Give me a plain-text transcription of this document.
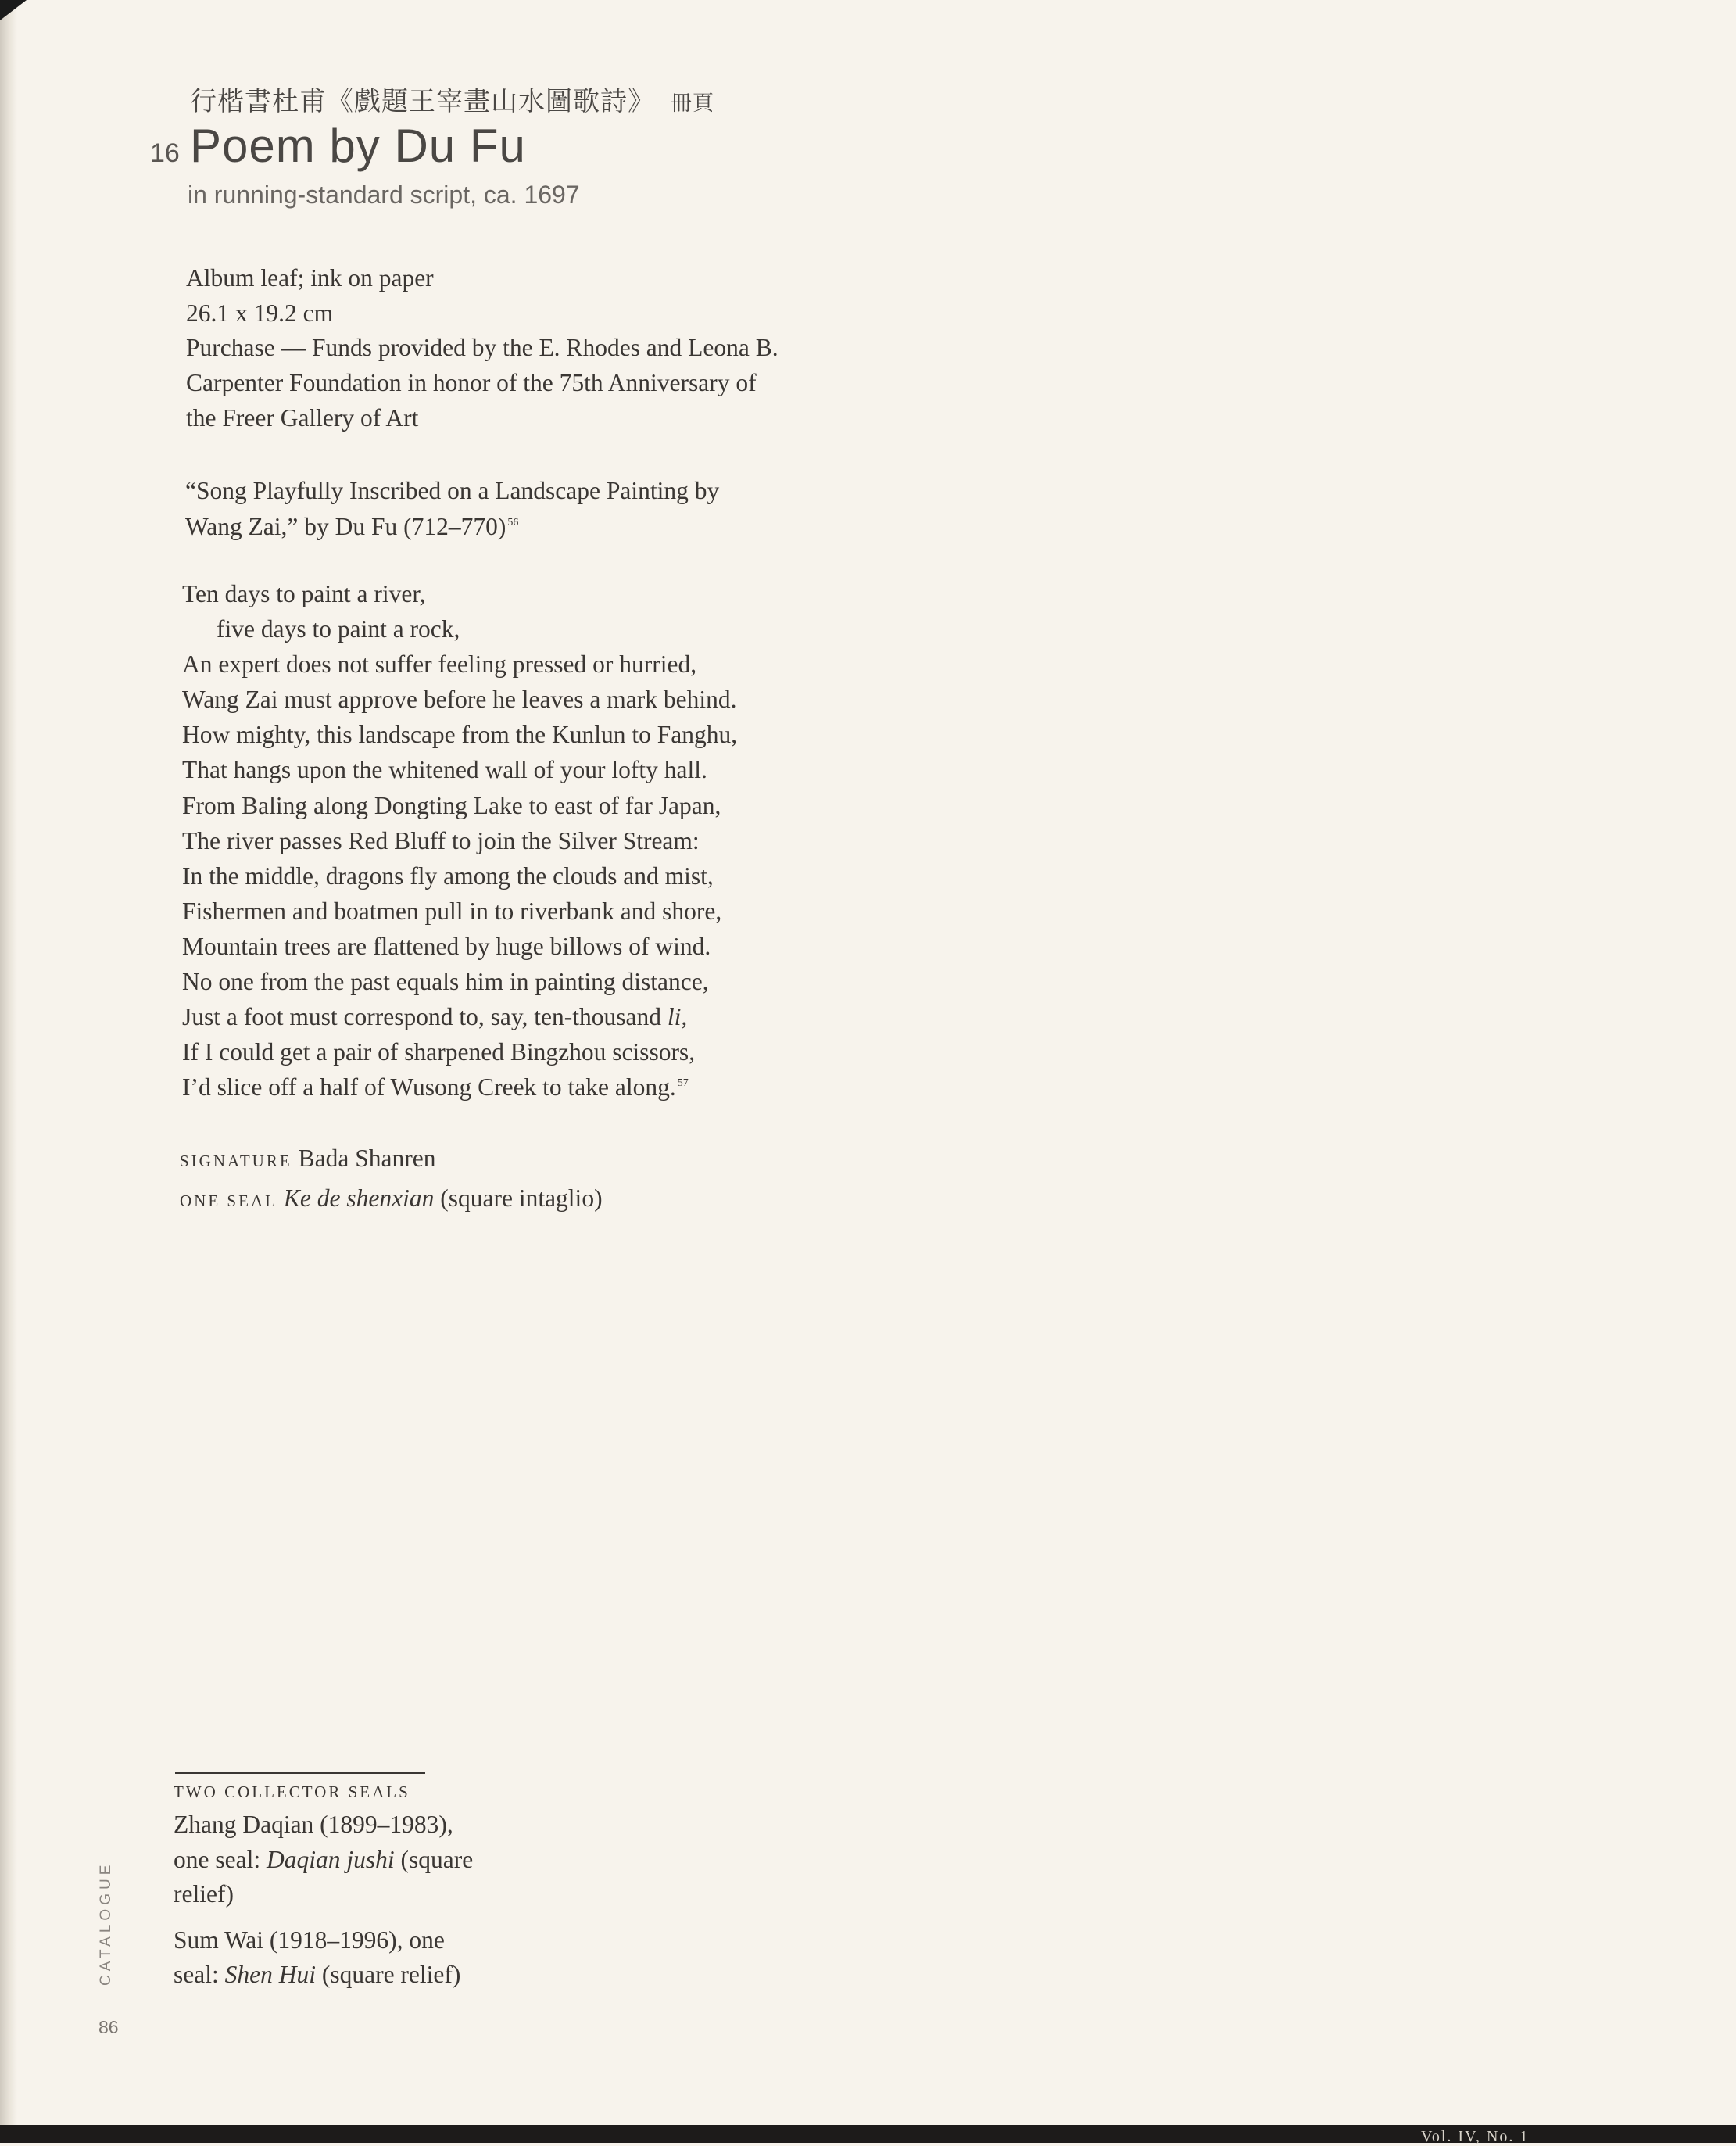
行楷書杜甫《戲題王宰畫山水圖歌詩》 冊頁
16 Poem by Du Fu
in running-standard script, ca. 1697
Album leaf; ink on paper
26.1 x 19.2 cm
Purchase — Funds provided by the E. Rhodes and Leona B.
Carpenter Foundation in honor of the 75th Anniversary of
the Freer Gallery of Art
“Song Playfully Inscribed on a Landscape Painting by
Wang Zai,” by Du Fu (712–770) $^{56}$
Ten days to paint a river,
five days to paint a rock,
An expert does not suffer feeling pressed or hurried,
Wang Zai must approve before he leaves a mark behind.
How mighty, this landscape from the Kunlun to Fanghu,
That hangs upon the whitened wall of your lofty hall.
From Baling along Dongting Lake to east of far Japan,
The river passes Red Bluff to join the Silver Stream:
In the middle, dragons fly among the clouds and mist,
Fishermen and boatmen pull in to riverbank and shore,
Mountain trees are flattened by huge billows of wind.
No one from the past equals him in painting distance,
Just a foot must correspond to, say, ten-thousand li,
If I could get a pair of sharpened Bingzhou scissors,
I’d slice off a half of Wusong Creek to take along. $^{57}$
SIGNATURE Bada Shanren
ONE SEAL Ke de shenxian (square intaglio)
TWO COLLECTOR SEALS
Zhang Daqian (1899–1983),
one seal: Daqian jushi (square
relief)
Sum Wai (1918–1996), one
seal: Shen Hui (square relief)
CATALOGUE
86
Vol. IV, No. 1
